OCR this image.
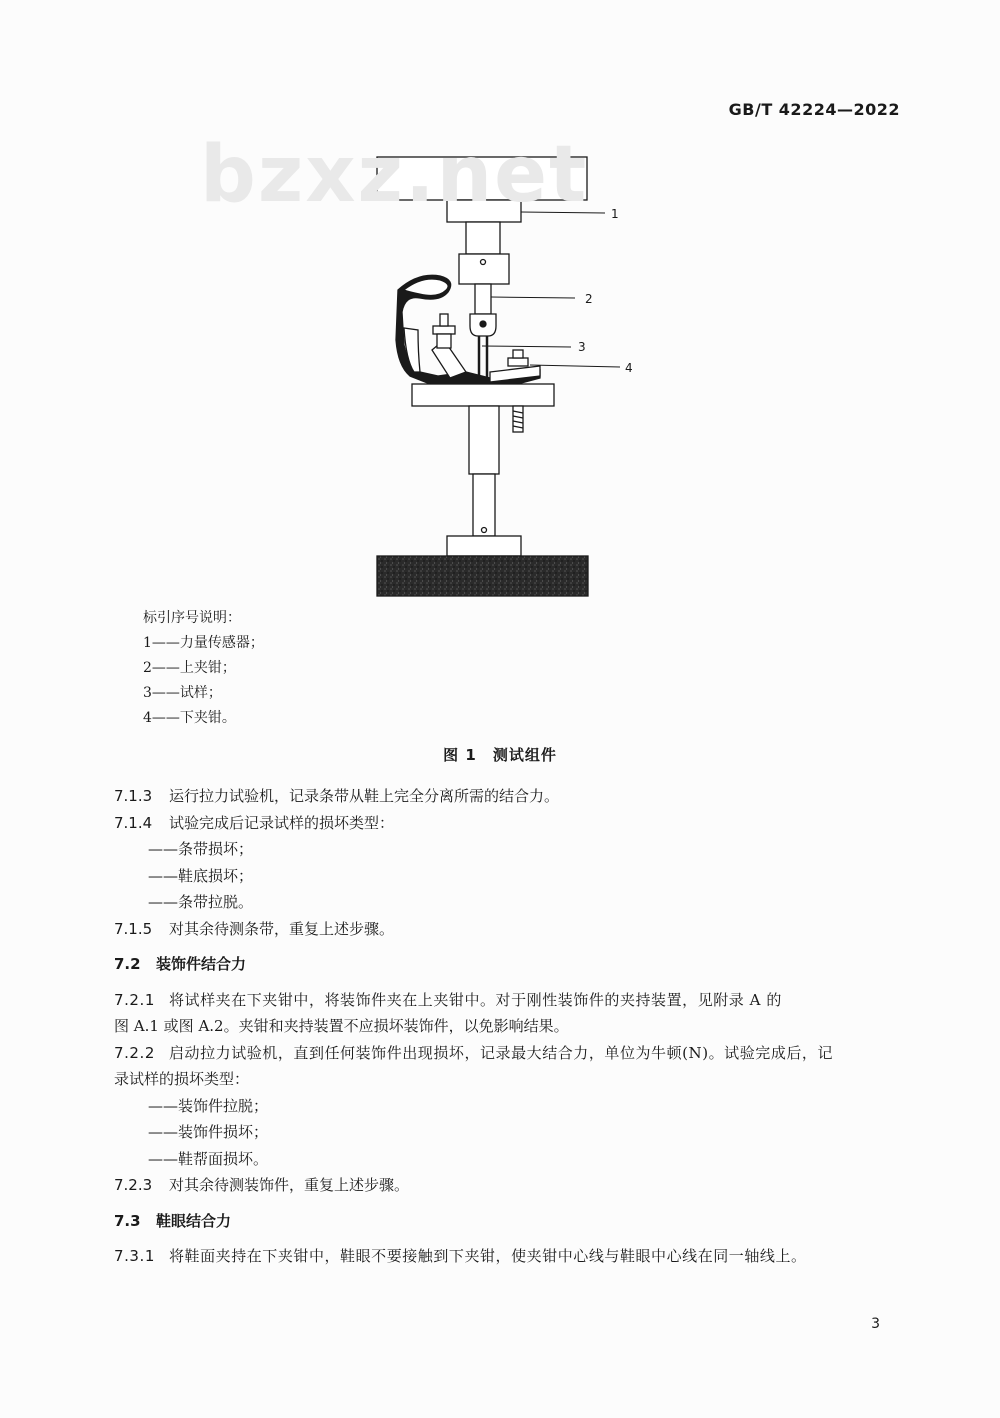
GB/T 42224—2022
bzxz.net 1
2
3
4
标引序号说明：
1——力量传感器；
2——上夹钳；
3——试样；
4——下夹钳。
图 1　测试组件
7.1.3 运行拉力试验机，记录条带从鞋上完全分离所需的结合力。
7.1.4 试验完成后记录试样的损坏类型：
——条带损坏；
——鞋底损坏；
——条带拉脱。
7.1.5 对其余待测条带，重复上述步骤。
7.2 装饰件结合力
7.2.1 将试样夹在下夹钳中，将装饰件夹在上夹钳中。对于刚性装饰件的夹持装置，见附录 A 的
图 A.1 或图 A.2。夹钳和夹持装置不应损坏装饰件，以免影响结果。
7.2.2 启动拉力试验机，直到任何装饰件出现损坏，记录最大结合力，单位为牛顿(N)。试验完成后，记
录试样的损坏类型：
——装饰件拉脱；
——装饰件损坏；
——鞋帮面损坏。
7.2.3 对其余待测装饰件，重复上述步骤。
7.3 鞋眼结合力
7.3.1 将鞋面夹持在下夹钳中，鞋眼不要接触到下夹钳，使夹钳中心线与鞋眼中心线在同一轴线上。
3
